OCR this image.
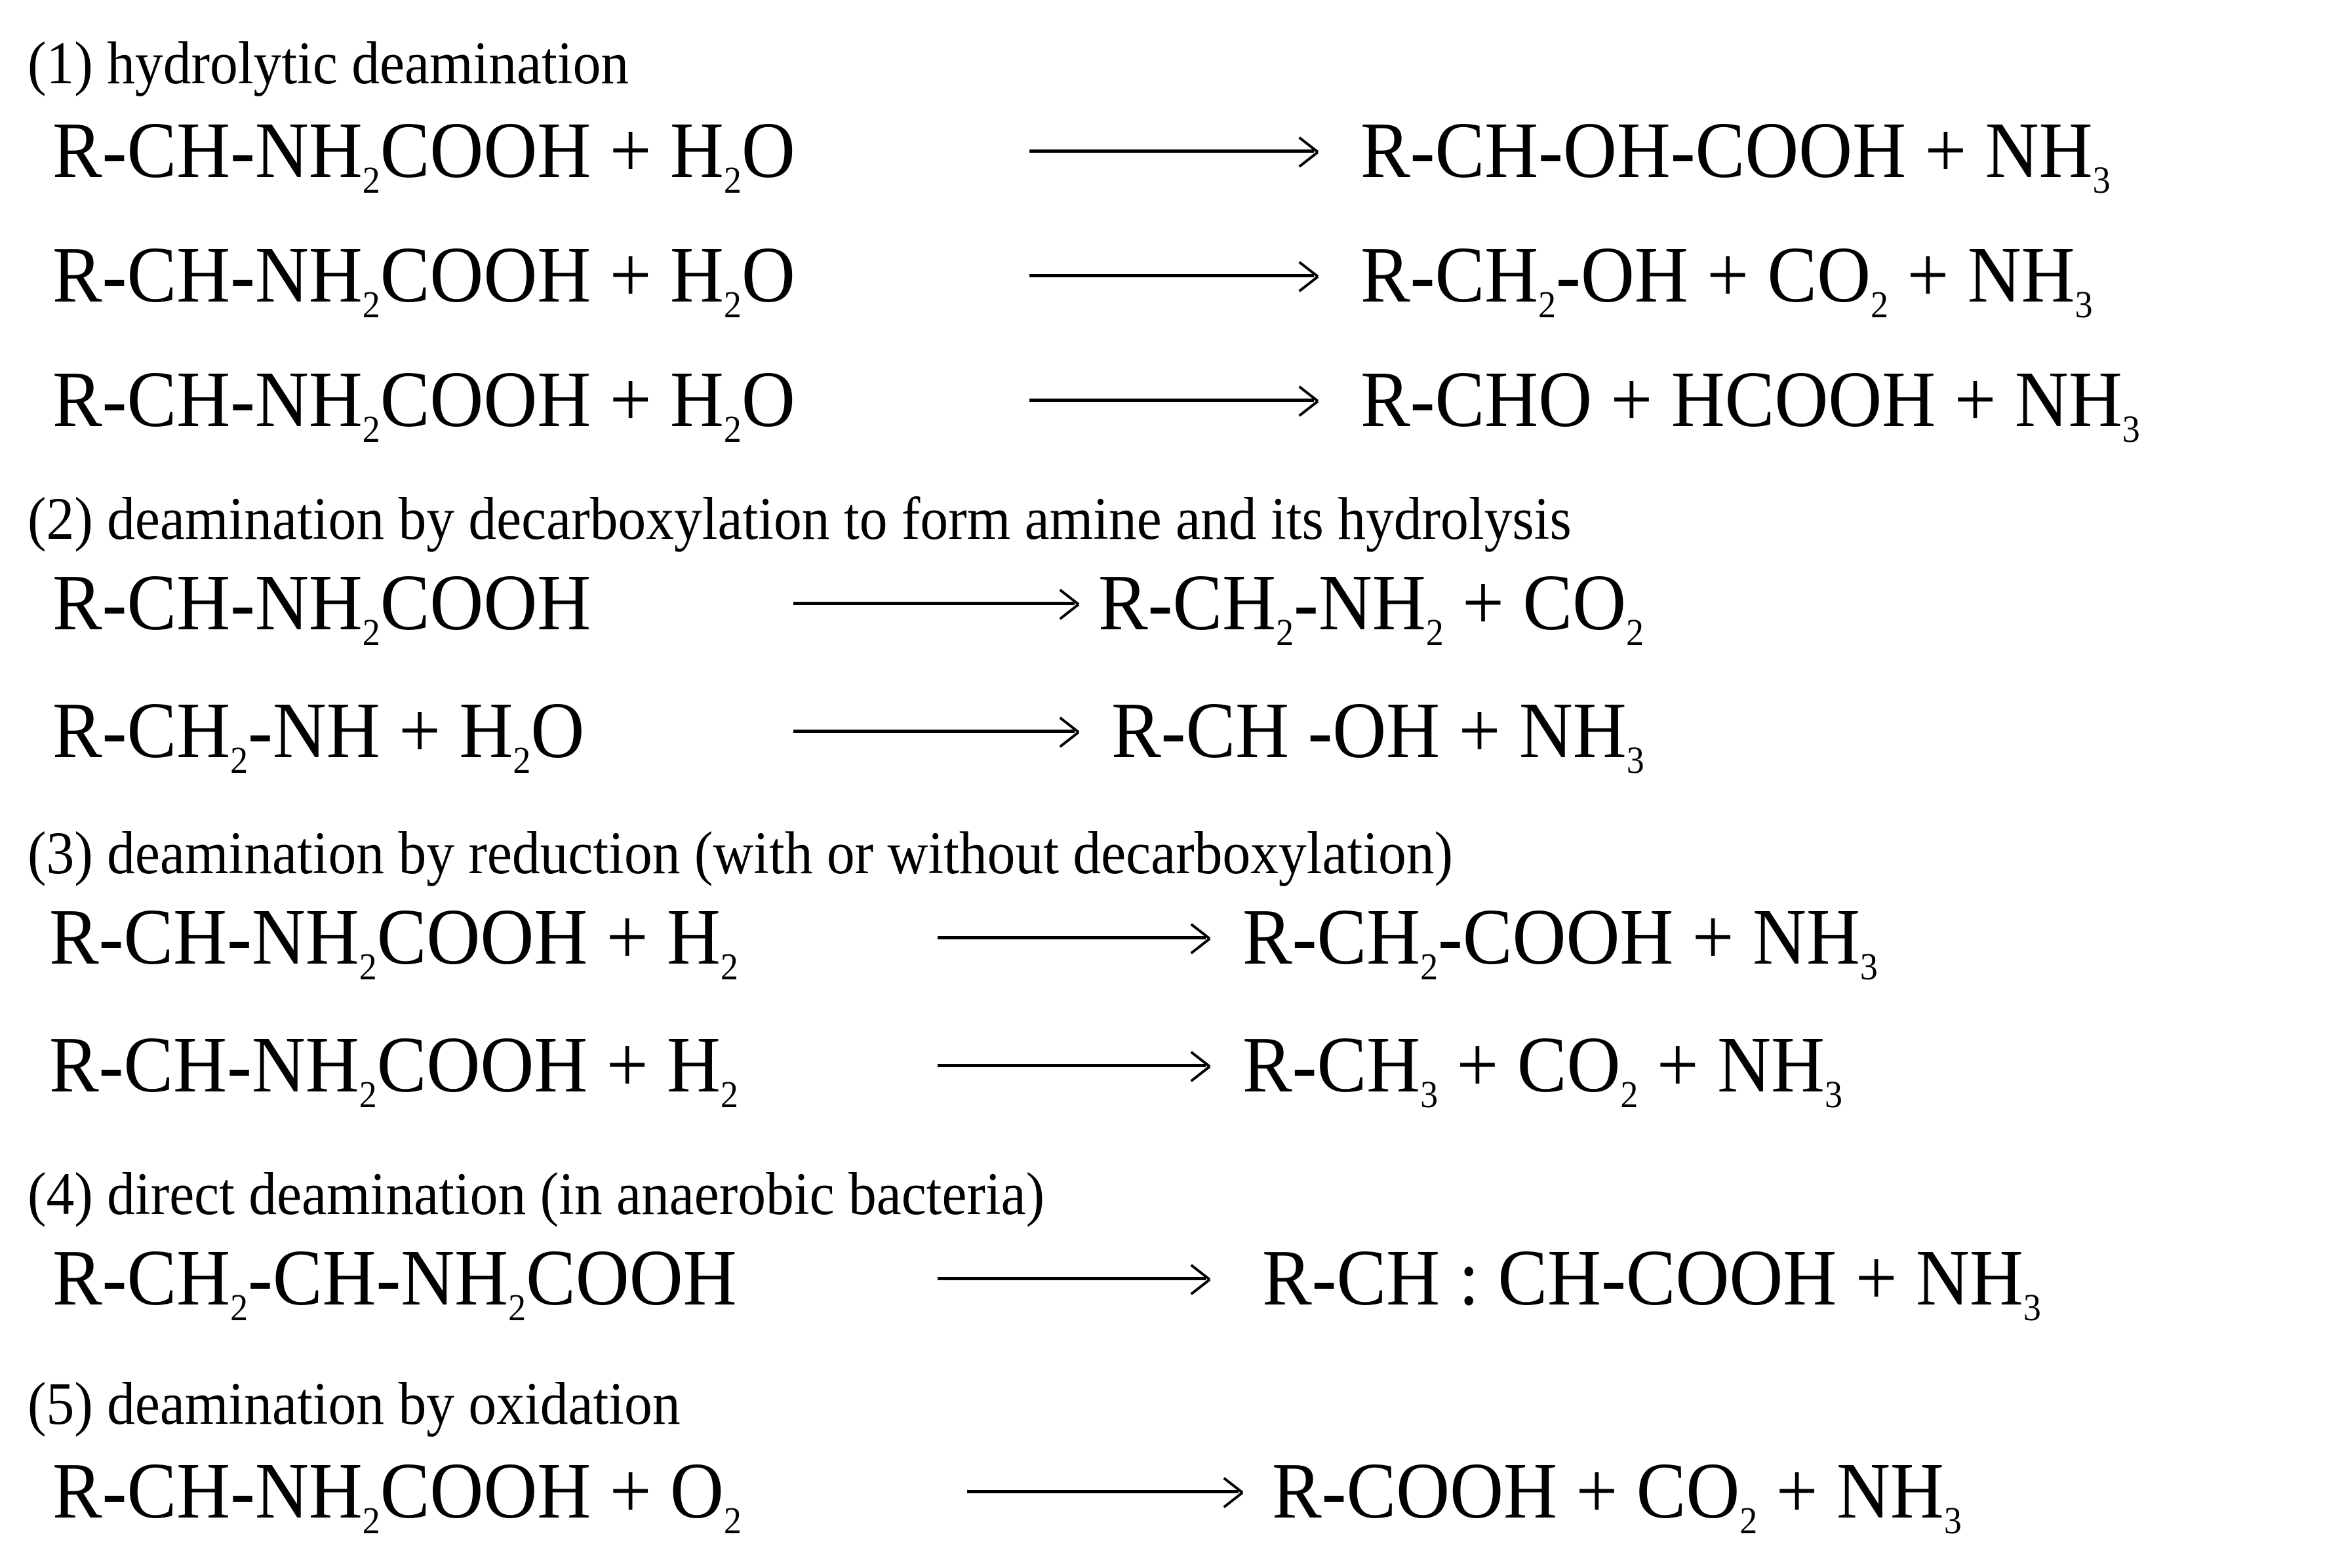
(1) hydrolytic deamination
$R-CH-NH_2COOH + H_2O$	R-CH-OH-COOH + $NH_3$
$R-CH-NH_2COOH + H_2O$	$R-CH_2-OH + CO_2 + NH_3$
$R-CH-NH_2COOH + H_2O$	R-CHO + HCOOH + $NH_3$
(2) deamination by decarboxylation to form amine and its hydrolysis
$R-CH-NH_2COOH$	$R-CH_2-NH_2 + CO_2$
$R-CH_2-NH + H_2O$	R-CH $-OH + NH_3$
(3) deamination by reduction (with or without decarboxylation)
$R-CH-NH_2COOH + H_2$	$R-CH_2$-COOH + $NH_3$
$R-CH-NH_2COOH + H_2$	$R-CH_3 + CO_2 + NH_3$
(4) direct deamination (in anaerobic bacteria)
$R-CH_2-CH-NH_2COOH$	R-CH : CH-COOH + $NH_3$
(5) deamination by oxidation
$R-CH-NH_2COOH + O_2$	R-COOH + $CO_2 + NH_3$
